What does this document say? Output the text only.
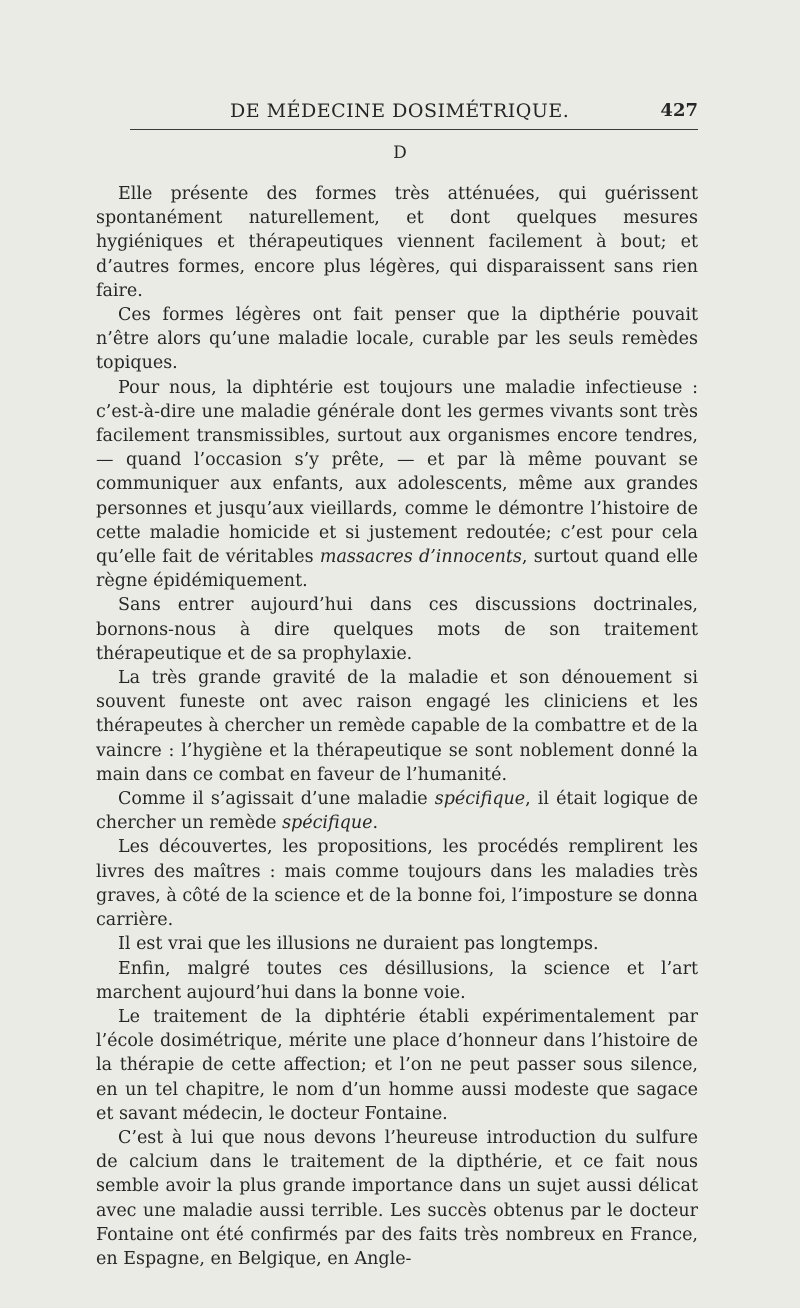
DE MÉDECINE DOSIMÉTRIQUE.	427
D

Elle présente des formes très atténuées, qui guérissent spontanément naturellement, et dont quelques mesures hygiéniques et thérapeutiques viennent facilement à bout; et d’autres formes, encore plus légères, qui disparaissent sans rien faire.

Ces formes légères ont fait penser que la dipthérie pouvait n’être alors qu’une maladie locale, curable par les seuls remèdes topiques.

Pour nous, la diphtérie est toujours une maladie infectieuse : c’est-à-dire une maladie générale dont les germes vivants sont très facilement transmissibles, surtout aux organismes encore tendres, — quand l’occasion s’y prête, — et par là même pouvant se communiquer aux enfants, aux adolescents, même aux grandes personnes et jusqu’aux vieillards, comme le démontre l’histoire de cette maladie homicide et si justement redoutée; c’est pour cela qu’elle fait de véritables massacres d’innocents, surtout quand elle règne épidémiquement.

Sans entrer aujourd’hui dans ces discussions doctrinales, bornons-nous à dire quelques mots de son traitement thérapeutique et de sa prophylaxie.

La très grande gravité de la maladie et son dénouement si souvent funeste ont avec raison engagé les cliniciens et les thérapeutes à chercher un remède capable de la combattre et de la vaincre : l’hygiène et la thérapeutique se sont noblement donné la main dans ce combat en faveur de l’humanité.

Comme il s’agissait d’une maladie spécifique, il était logique de chercher un remède spécifique.

Les découvertes, les propositions, les procédés remplirent les livres des maîtres : mais comme toujours dans les maladies très graves, à côté de la science et de la bonne foi, l’imposture se donna carrière.

Il est vrai que les illusions ne duraient pas longtemps.

Enfin, malgré toutes ces désillusions, la science et l’art marchent aujourd’hui dans la bonne voie.

Le traitement de la diphtérie établi expérimentalement par l’école dosimétrique, mérite une place d’honneur dans l’histoire de la thérapie de cette affection; et l’on ne peut passer sous silence, en un tel chapitre, le nom d’un homme aussi modeste que sagace et savant médecin, le docteur Fontaine.

C’est à lui que nous devons l’heureuse introduction du sulfure de calcium dans le traitement de la dipthérie, et ce fait nous semble avoir la plus grande importance dans un sujet aussi délicat avec une maladie aussi terrible. Les succès obtenus par le docteur Fontaine ont été confirmés par des faits très nombreux en France, en Espagne, en Belgique, en Angle-
